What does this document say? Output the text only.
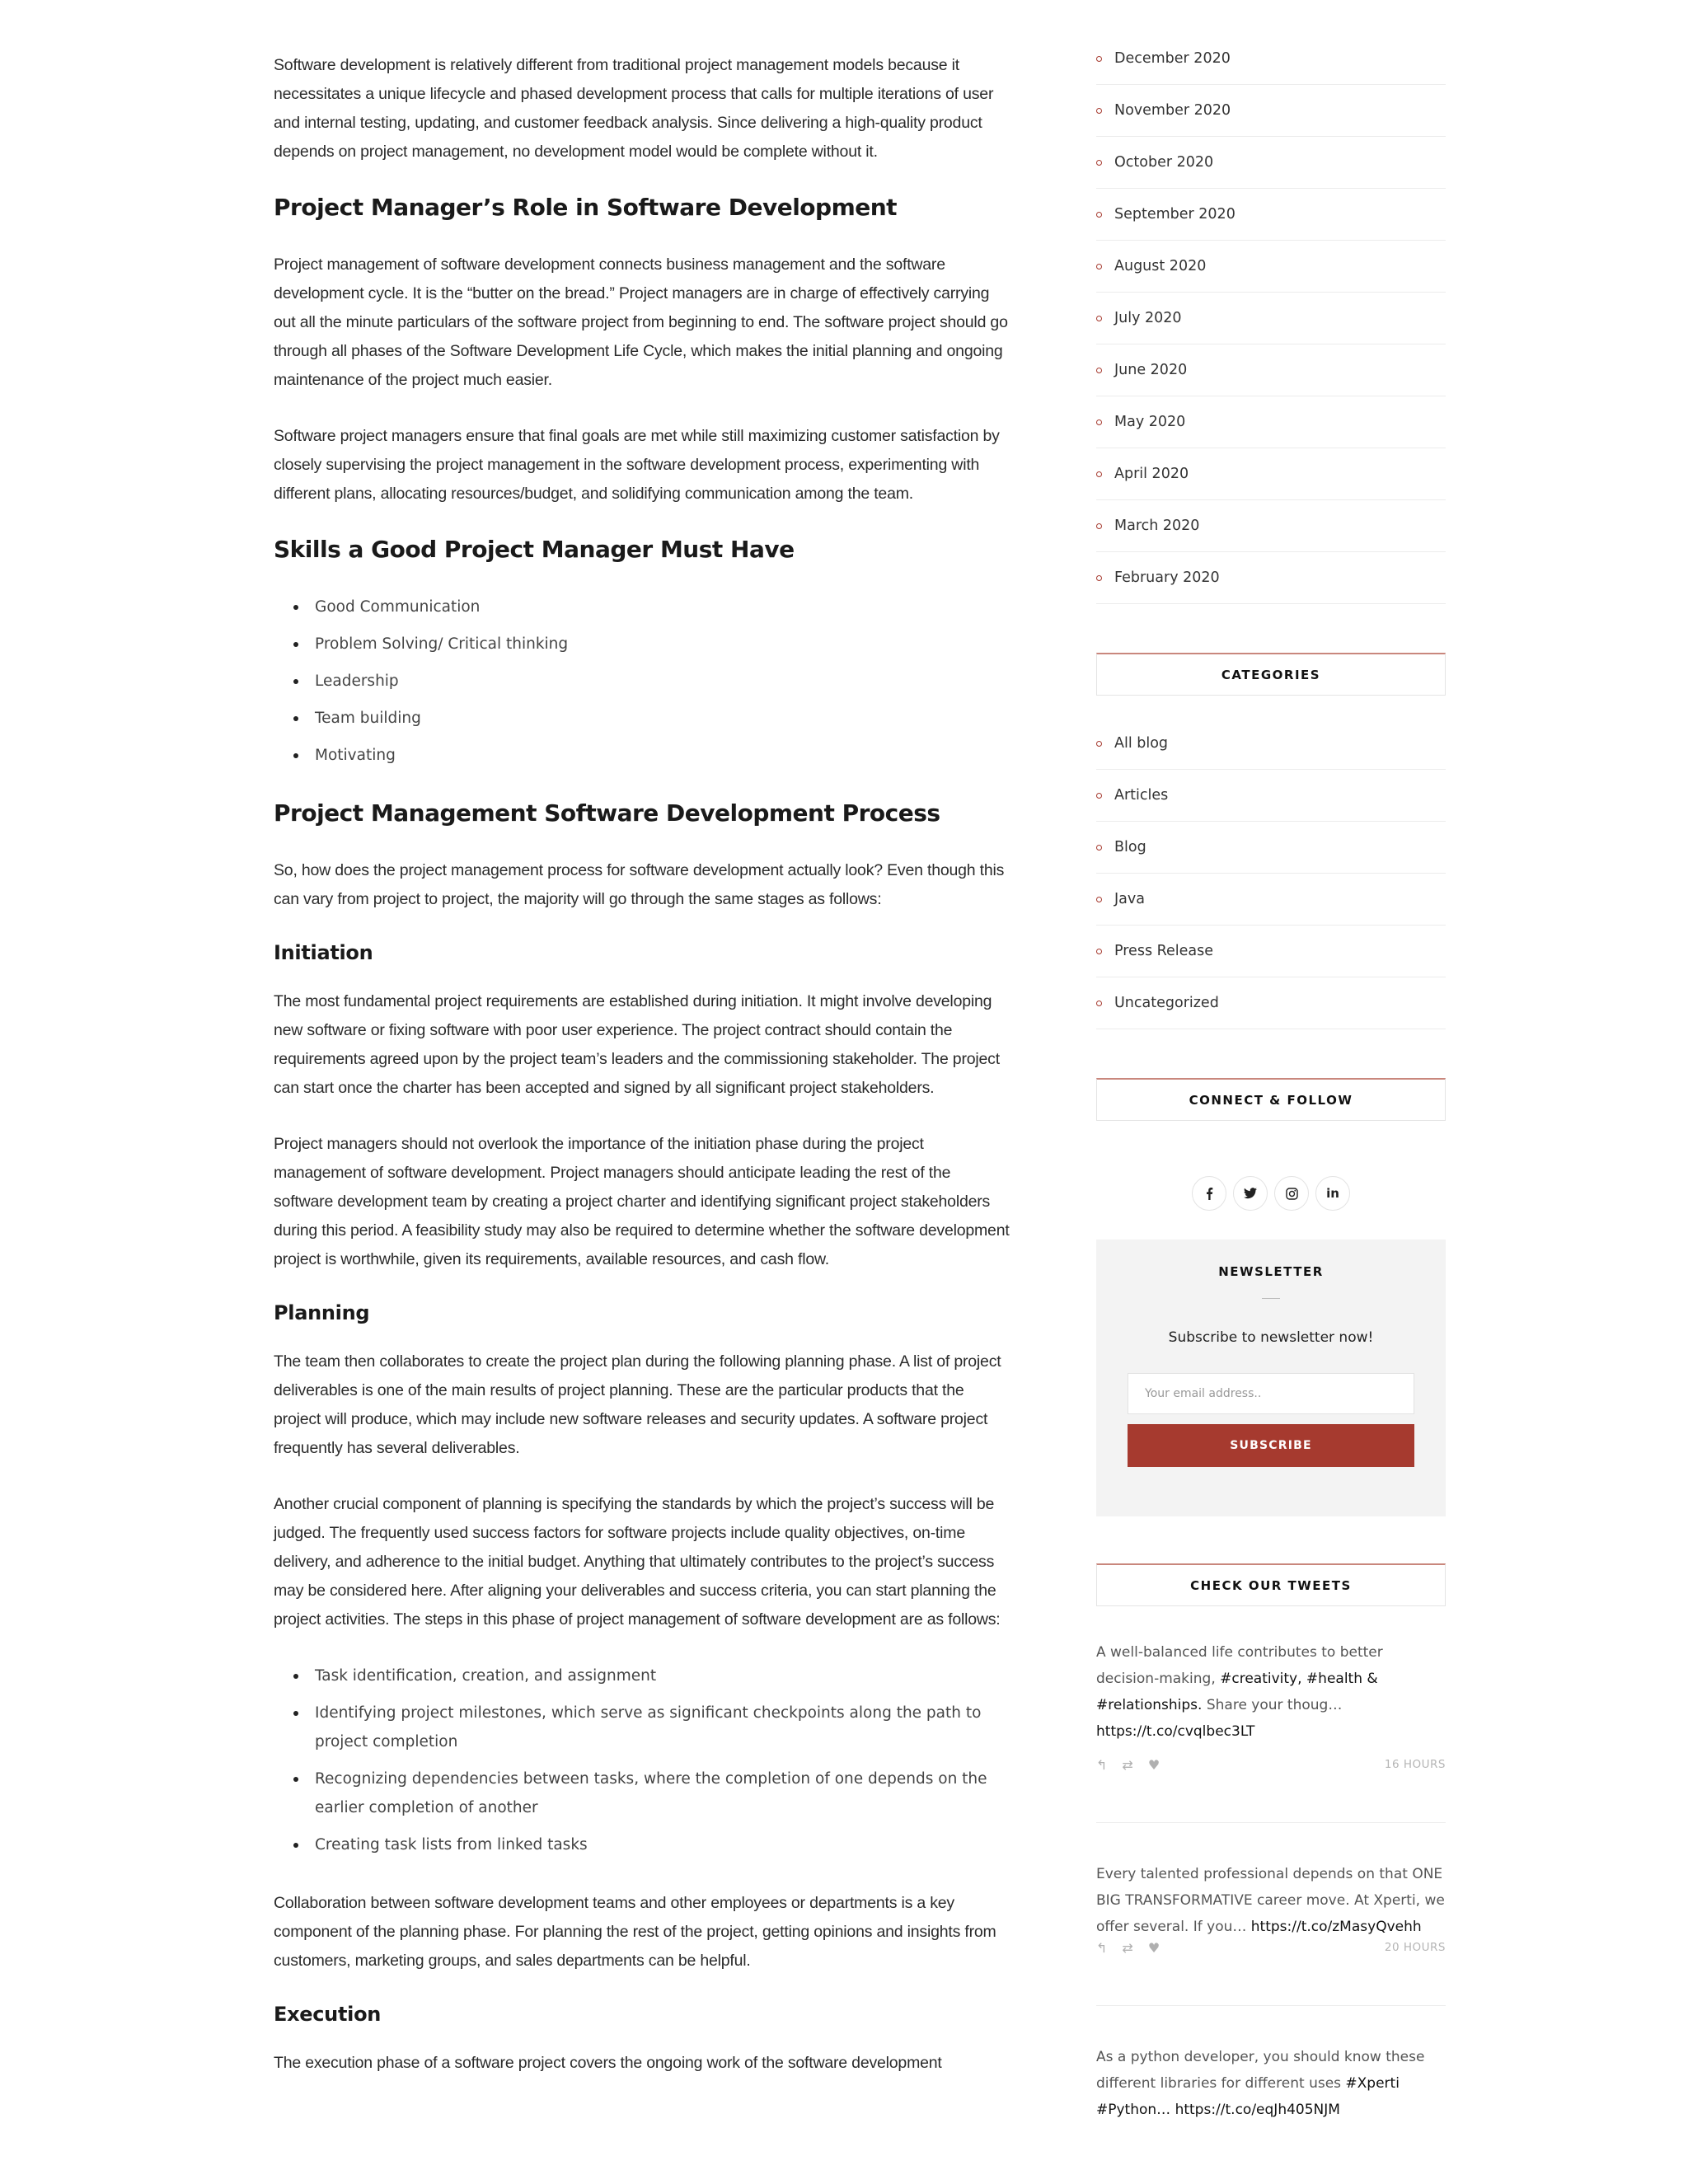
Software development is relatively different from traditional project management models because it necessitates a unique lifecycle and phased development process that calls for multiple iterations of user and internal testing, updating, and customer feedback analysis. Since delivering a high-quality product depends on project management, no development model would be complete without it.

Project Manager’s Role in Software Development

Project management of software development connects business management and the software development cycle. It is the “butter on the bread.” Project managers are in charge of effectively carrying out all the minute particulars of the software project from beginning to end. The software project should go through all phases of the Software Development Life Cycle, which makes the initial planning and ongoing maintenance of the project much easier.

Software project managers ensure that final goals are met while still maximizing customer satisfaction by closely supervising the project management in the software development process, experimenting with different plans, allocating resources/budget, and solidifying communication among the team.

Skills a Good Project Manager Must Have
Good Communication
Problem Solving/ Critical thinking
Leadership
Team building
Motivating
Project Management Software Development Process

So, how does the project management process for software development actually look? Even though this can vary from project to project, the majority will go through the same stages as follows:

Initiation

The most fundamental project requirements are established during initiation. It might involve developing new software or fixing software with poor user experience. The project contract should contain the requirements agreed upon by the project team’s leaders and the commissioning stakeholder. The project can start once the charter has been accepted and signed by all significant project stakeholders.

Project managers should not overlook the importance of the initiation phase during the project management of software development. Project managers should anticipate leading the rest of the software development team by creating a project charter and identifying significant project stakeholders during this period. A feasibility study may also be required to determine whether the software development project is worthwhile, given its requirements, available resources, and cash flow.

Planning

The team then collaborates to create the project plan during the following planning phase. A list of project deliverables is one of the main results of project planning. These are the particular products that the project will produce, which may include new software releases and security updates. A software project frequently has several deliverables.

Another crucial component of planning is specifying the standards by which the project’s success will be judged. The frequently used success factors for software projects include quality objectives, on-time delivery, and adherence to the initial budget. Anything that ultimately contributes to the project’s success may be considered here. After aligning your deliverables and success criteria, you can start planning the project activities. The steps in this phase of project management of software development are as follows:

Task identification, creation, and assignment
Identifying project milestones, which serve as significant checkpoints along the path to project completion
Recognizing dependencies between tasks, where the completion of one depends on the earlier completion of another
Creating task lists from linked tasks

Collaboration between software development teams and other employees or departments is a key component of the planning phase. For planning the rest of the project, getting opinions and insights from customers, marketing groups, and sales departments can be helpful.

Execution

The execution phase of a software project covers the ongoing work of the software development

December 2020
November 2020
October 2020
September 2020
August 2020
July 2020
June 2020
May 2020
April 2020
March 2020
February 2020
CATEGORIES
All blog
Articles
Blog
Java
Press Release
Uncategorized
CONNECT & FOLLOW
in
NEWSLETTER
Subscribe to newsletter now!
Your email address..
SUBSCRIBE
CHECK OUR TWEETS
A well-balanced life contributes to better decision-making, #creativity, #health & #relationships. Share your thoug… https://t.co/cvqlbec3LT
↰ ⇄ ♥	16 HOURS
Every talented professional depends on that ONE BIG TRANSFORMATIVE career move. At Xperti, we offer several. If you… https://t.co/zMasyQvehh
↰ ⇄ ♥	20 HOURS
As a python developer, you should know these different libraries for different uses #Xperti #Python… https://t.co/eqJh405NJM
